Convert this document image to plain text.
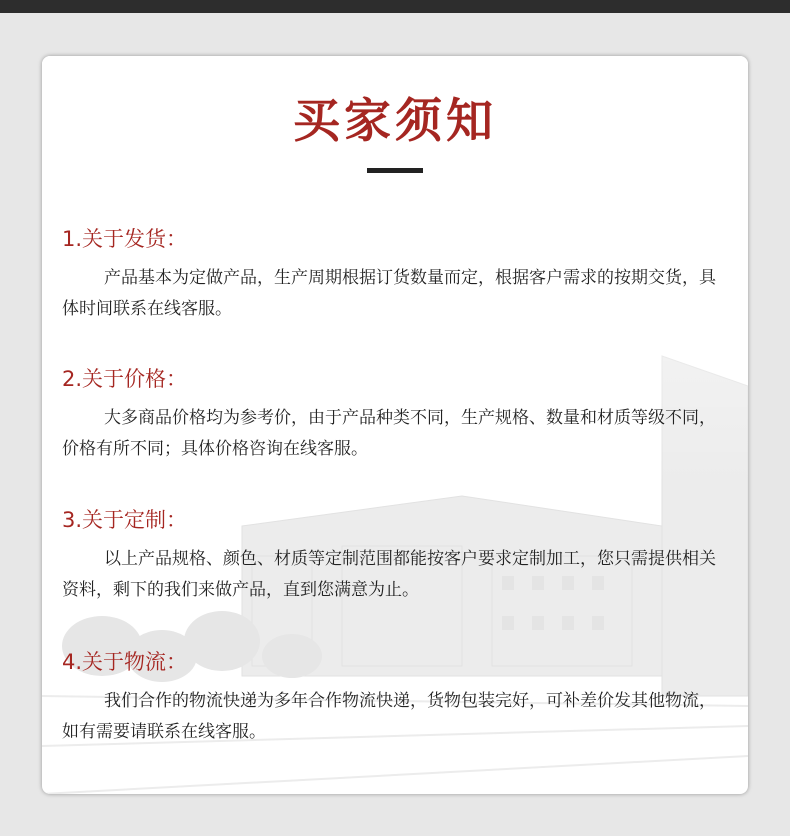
买家须知
1.关于发货：

产品基本为定做产品，生产周期根据订货数量而定，根据客户需求的按期交货，具体时间联系在线客服。

2.关于价格：

大多商品价格均为参考价，由于产品种类不同，生产规格、数量和材质等级不同，价格有所不同；具体价格咨询在线客服。

3.关于定制：

以上产品规格、颜色、材质等定制范围都能按客户要求定制加工，您只需提供相关资料，剩下的我们来做产品，直到您满意为止。

4.关于物流：

我们合作的物流快递为多年合作物流快递，货物包装完好，可补差价发其他物流，如有需要请联系在线客服。
